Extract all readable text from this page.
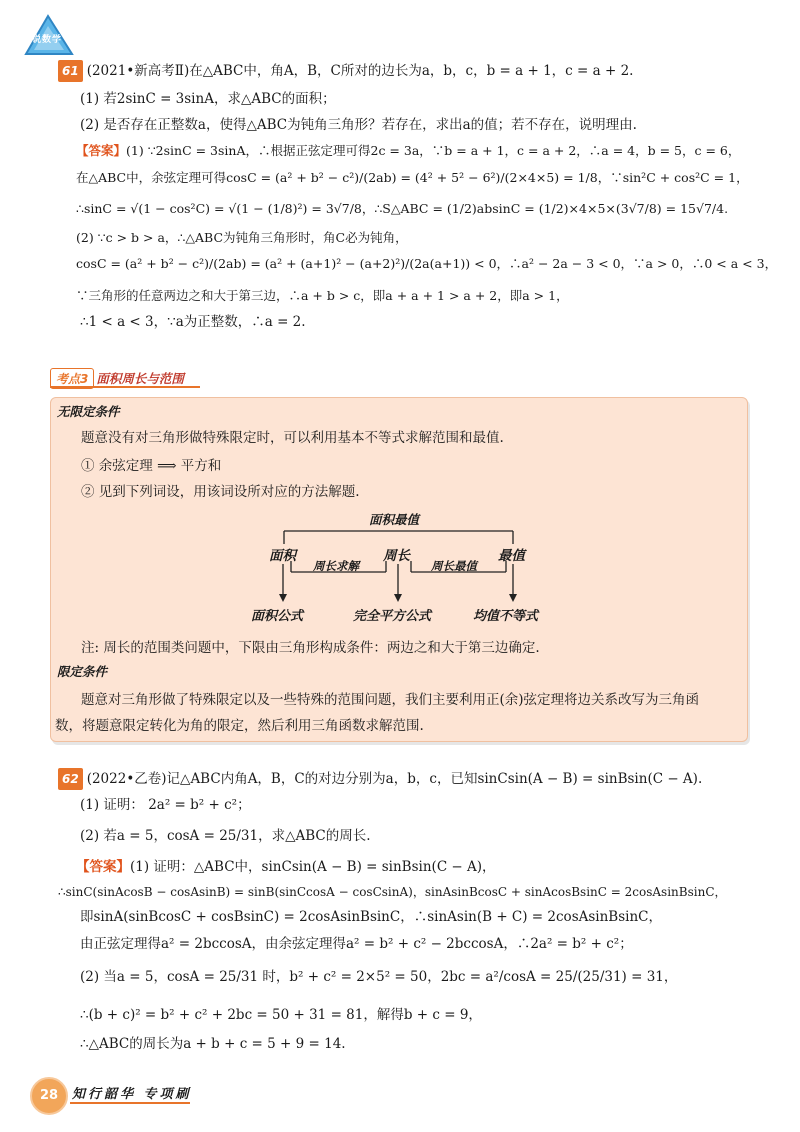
说数学
61 (2021•新高考Ⅱ)在△ABC中，角A，B，C所对的边长为a，b，c，b = a + 1，c = a + 2.
(1) 若2sinC = 3sinA，求△ABC的面积；
(2) 是否存在正整数a，使得△ABC为钝角三角形？若存在，求出a的值；若不存在，说明理由.
【答案】(1) ∵2sinC = 3sinA，∴根据正弦定理可得2c = 3a，∵b = a + 1，c = a + 2，∴a = 4，b = 5，c = 6，
在△ABC中，余弦定理可得cosC = (a² + b² − c²)/(2ab) = (4² + 5² − 6²)/(2×4×5) = 1/8，∵sin²C + cos²C = 1，
∴sinC = √(1 − cos²C) = √(1 − (1/8)²) = 3√7/8，∴S△ABC = (1/2)absinC = (1/2)×4×5×(3√7/8) = 15√7/4.
(2) ∵c > b > a，∴△ABC为钝角三角形时，角C必为钝角，
cosC = (a² + b² − c²)/(2ab) = (a² + (a+1)² − (a+2)²)/(2a(a+1)) < 0，∴a² − 2a − 3 < 0，∵a > 0，∴0 < a < 3，
∵三角形的任意两边之和大于第三边，∴a + b > c，即a + a + 1 > a + 2，即a > 1，
∴1 < a < 3，∵a为正整数，∴a = 2.
考点3 面积周长与范围
无限定条件
题意没有对三角形做特殊限定时，可以利用基本不等式求解范围和最值.
① 余弦定理 ⟹ 平方和
② 见到下列词设，用该词设所对应的方法解题.
面积最值
面积	周长	最值
周长求解	周长最值
面积公式	完全平方公式	均值不等式
注: 周长的范围类问题中，下限由三角形构成条件：两边之和大于第三边确定.
限定条件
题意对三角形做了特殊限定以及一些特殊的范围问题，我们主要利用正(余)弦定理将边关系改写为三角函
数，将题意限定转化为角的限定，然后利用三角函数求解范围.
62 (2022•乙卷)记△ABC内角A，B，C的对边分别为a，b，c，已知sinCsin(A − B) = sinBsin(C − A).
(1) 证明： 2a² = b² + c²；
(2) 若a = 5，cosA = 25/31，求△ABC的周长.
【答案】(1) 证明：△ABC中，sinCsin(A − B) = sinBsin(C − A)，
∴sinC(sinAcosB − cosAsinB) = sinB(sinCcosA − cosCsinA)，sinAsinBcosC + sinAcosBsinC = 2cosAsinBsinC，
即sinA(sinBcosC + cosBsinC) = 2cosAsinBsinC，∴sinAsin(B + C) = 2cosAsinBsinC，
由正弦定理得a² = 2bccosA，由余弦定理得a² = b² + c² − 2bccosA，∴2a² = b² + c²；
(2) 当a = 5，cosA = 25/31 时，b² + c² = 2×5² = 50，2bc = a²/cosA = 25/(25/31) = 31，
∴(b + c)² = b² + c² + 2bc = 50 + 31 = 81，解得b + c = 9，
∴△ABC的周长为a + b + c = 5 + 9 = 14.
28	知行韶华 专项刷
